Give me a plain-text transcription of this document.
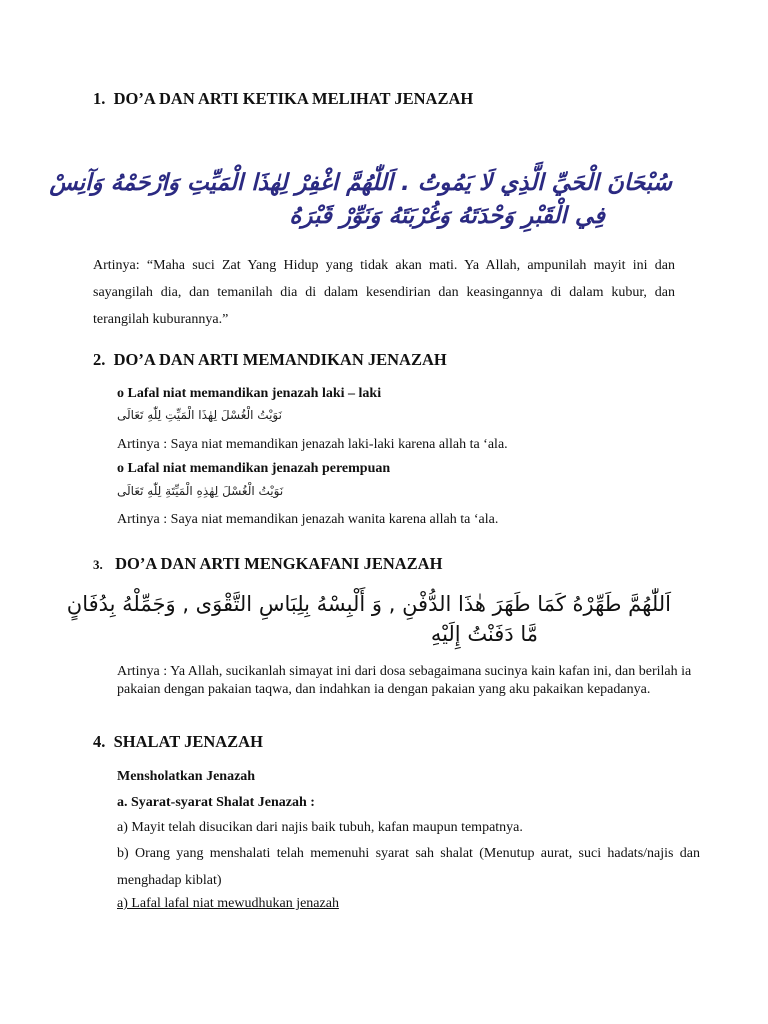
1. DO’A DAN ARTI KETIKA MELIHAT JENAZAH
سُبْحَانَ الْحَيِّ الَّذِي لَا يَمُوتُ . اَللّٰهُمَّ اغْفِرْ لِهٰذَا الْمَيِّتِ وَارْحَمْهُ وَآنِسْ
فِي الْقَبْرِ وَحْدَتَهُ وَغُرْبَتَهُ وَنَوِّرْ قَبْرَهُ
Artinya: “Maha suci Zat Yang Hidup yang tidak akan mati. Ya Allah, ampunilah mayit ini dan sayangilah dia, dan temanilah dia di dalam kesendirian dan keasingannya di dalam kubur, dan terangilah kuburannya.”
2. DO’A DAN ARTI MEMANDIKAN JENAZAH
o Lafal niat memandikan jenazah laki – laki
نَوَيْتُ الْغُسْلَ لِهٰذَا الْمَيِّتِ لِلّٰهِ تَعَالَى
Artinya : Saya niat memandikan jenazah laki-laki karena allah ta ‘ala.
o Lafal niat memandikan jenazah perempuan
نَوَيْتُ الْغُسْلَ لِهٰذِهِ الْمَيِّتَةِ لِلّٰهِ تَعَالَى
Artinya : Saya niat memandikan jenazah wanita karena allah ta ‘ala.
3. DO’A DAN ARTI MENGKAFANI JENAZAH
اَللّٰهُمَّ طَهِّرْهُ كَمَا طَهَرَ هٰذَا الدُّفْنِ , وَ أَلْبِسْهُ بِلِبَاسِ التَّقْوَى , وَجَمِّلْهُ بِدُفَانٍ
مَّا دَفَنْتُ إِلَيْهِ
Artinya : Ya Allah, sucikanlah simayat ini dari dosa sebagaimana sucinya kain kafan ini, dan berilah ia pakaian dengan pakaian taqwa, dan indahkan ia dengan pakaian yang aku pakaikan kepadanya.
4. SHALAT JENAZAH
Mensholatkan Jenazah
a. Syarat-syarat Shalat Jenazah :
a) Mayit telah disucikan dari najis baik tubuh, kafan maupun tempatnya.
b) Orang yang menshalati telah memenuhi syarat sah shalat (Menutup aurat, suci hadats/najis dan menghadap kiblat)
a) Lafal lafal niat mewudhukan jenazah
